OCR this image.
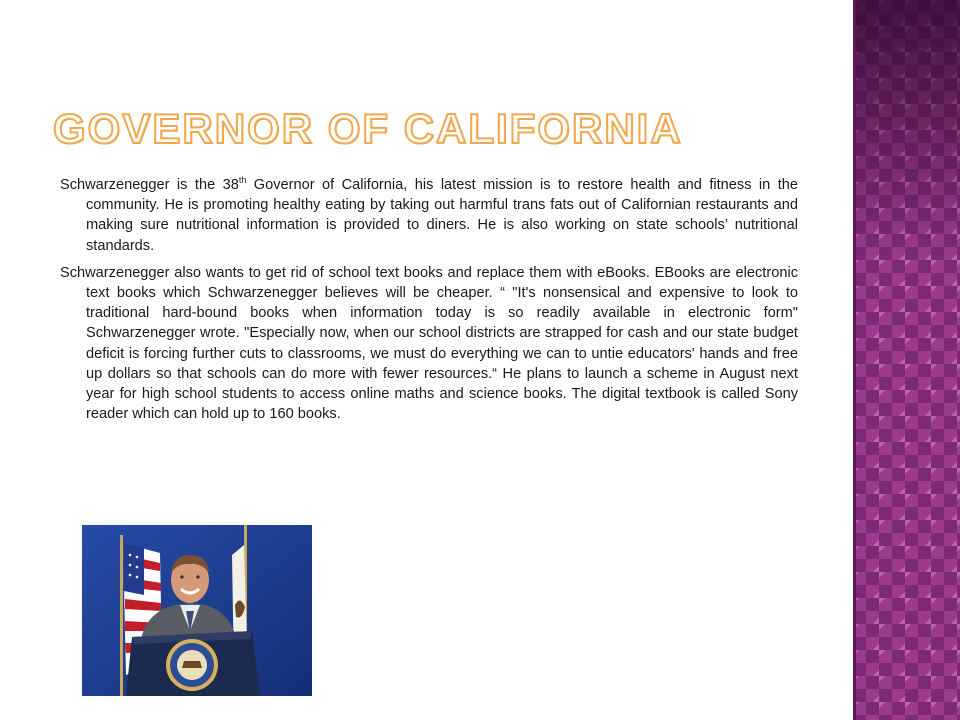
GOVERNOR OF CALIFORNIA

Schwarzenegger is the 38th Governor of California, his latest mission is to restore health and fitness in the community. He is promoting healthy eating by taking out harmful trans fats out of Californian restaurants and making sure nutritional information is provided to diners. He is also working on state schools’ nutritional standards.

Schwarzenegger also wants to get rid of school text books and replace them with eBooks. EBooks are electronic text books which Schwarzenegger believes will be cheaper. “ "It's nonsensical and expensive to look to traditional hard-bound books when information today is so readily available in electronic form" Schwarzenegger wrote. "Especially now, when our school districts are strapped for cash and our state budget deficit is forcing further cuts to classrooms, we must do everything we can to untie educators' hands and free up dollars so that schools can do more with fewer resources.“ He plans to launch a scheme in August next year for high school students to access online maths and science books. The digital textbook is called Sony reader which can hold up to 160 books.
